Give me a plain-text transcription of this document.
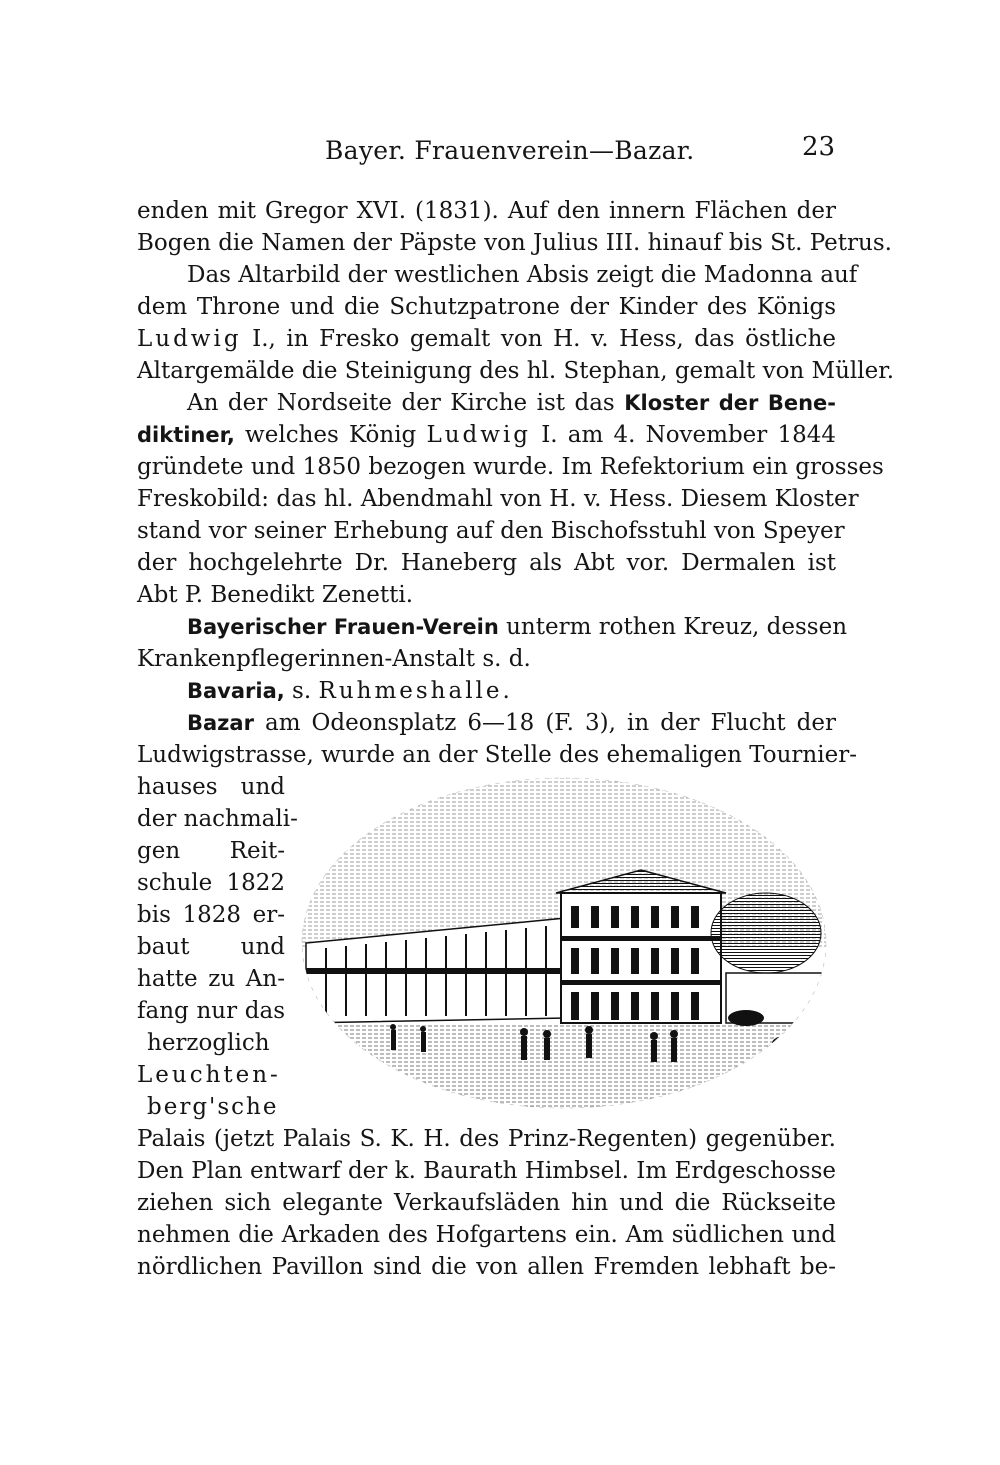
Bayer. Frauenverein—Bazar.	23
enden mit Gregor XVI. (1831). Auf den innern Flächen der
Bogen die Namen der Päpste von Julius III. hinauf bis St. Petrus.
Das Altarbild der westlichen Absis zeigt die Madonna auf
dem Throne und die Schutzpatrone der Kinder des Königs
Ludwig I., in Fresko gemalt von H. v. Hess, das östliche
Altargemälde die Steinigung des hl. Stephan, gemalt von Müller.
An der Nordseite der Kirche ist das Kloster der Bene-
diktiner, welches König Ludwig I. am 4. November 1844
gründete und 1850 bezogen wurde. Im Refektorium ein grosses
Freskobild: das hl. Abendmahl von H. v. Hess. Diesem Kloster
stand vor seiner Erhebung auf den Bischofsstuhl von Speyer
der hochgelehrte Dr. Haneberg als Abt vor. Dermalen ist
Abt P. Benedikt Zenetti.
Bayerischer Frauen-Verein unterm rothen Kreuz, dessen
Krankenpflegerinnen-Anstalt s. d.
Bavaria, s. Ruhmeshalle.
Bazar am Odeonsplatz 6—18 (F. 3), in der Flucht der
Ludwigstrasse, wurde an der Stelle des ehemaligen Tournier-
hauses und
der nachmali-
gen Reit-
schule 1822
bis 1828 er-
baut und
hatte zu An-
fang nur das
herzoglich
Leuchten-
berg'sche
Palais (jetzt Palais S. K. H. des Prinz-Regenten) gegenüber.
Den Plan entwarf der k. Baurath Himbsel. Im Erdgeschosse
ziehen sich elegante Verkaufsläden hin und die Rückseite
nehmen die Arkaden des Hofgartens ein. Am südlichen und
nördlichen Pavillon sind die von allen Fremden lebhaft be-
